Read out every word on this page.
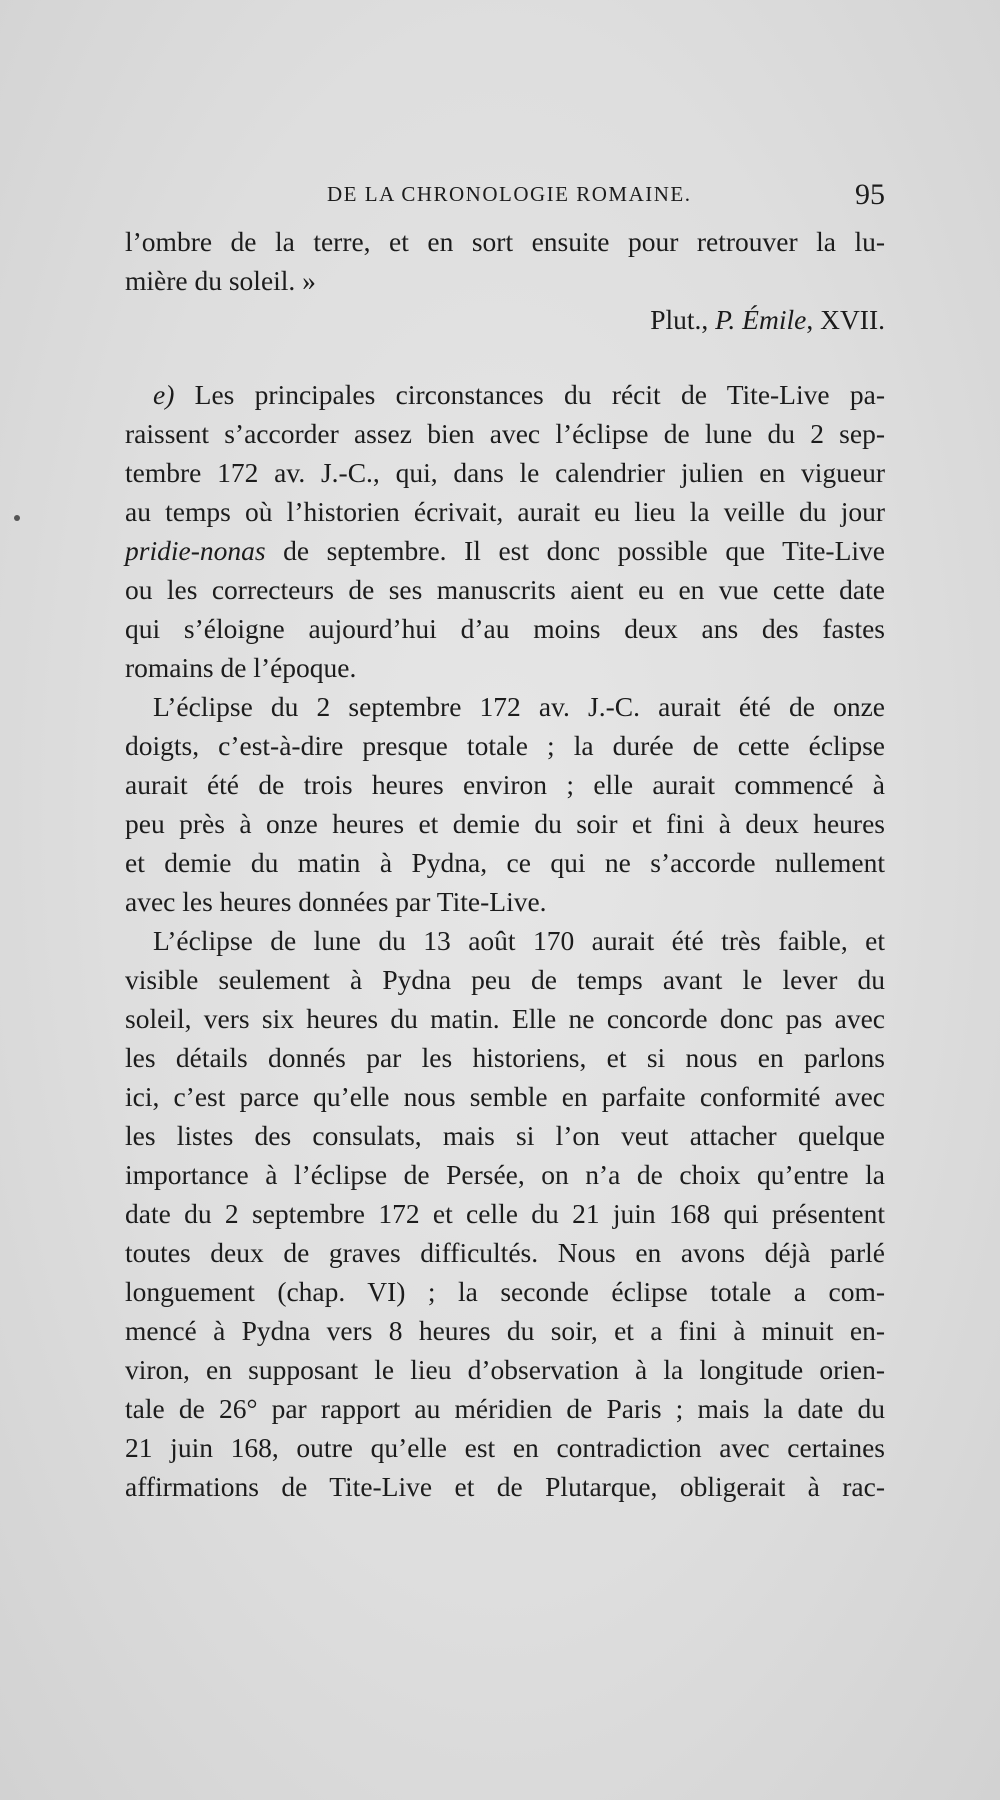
DE LA CHRONOLOGIE ROMAINE.	95
l’ombre de la terre, et en sort ensuite pour retrouver la lu-
mière du soleil. »
Plut., P. Émile, XVII.
e) Les principales circonstances du récit de Tite-Live pa-
raissent s’accorder assez bien avec l’éclipse de lune du 2 sep-
tembre 172 av. J.-C., qui, dans le calendrier julien en vigueur
au temps où l’historien écrivait, aurait eu lieu la veille du jour
pridie-nonas de septembre. Il est donc possible que Tite-Live
ou les correcteurs de ses manuscrits aient eu en vue cette date
qui s’éloigne aujourd’hui d’au moins deux ans des fastes
romains de l’époque.
L’éclipse du 2 septembre 172 av. J.-C. aurait été de onze
doigts, c’est-à-dire presque totale ; la durée de cette éclipse
aurait été de trois heures environ ; elle aurait commencé à
peu près à onze heures et demie du soir et fini à deux heures
et demie du matin à Pydna, ce qui ne s’accorde nullement
avec les heures données par Tite-Live.
L’éclipse de lune du 13 août 170 aurait été très faible, et
visible seulement à Pydna peu de temps avant le lever du
soleil, vers six heures du matin. Elle ne concorde donc pas avec
les détails donnés par les historiens, et si nous en parlons
ici, c’est parce qu’elle nous semble en parfaite conformité avec
les listes des consulats, mais si l’on veut attacher quelque
importance à l’éclipse de Persée, on n’a de choix qu’entre la
date du 2 septembre 172 et celle du 21 juin 168 qui présentent
toutes deux de graves difficultés. Nous en avons déjà parlé
longuement (chap. VI) ; la seconde éclipse totale a com-
mencé à Pydna vers 8 heures du soir, et a fini à minuit en-
viron, en supposant le lieu d’observation à la longitude orien-
tale de 26° par rapport au méridien de Paris ; mais la date du
21 juin 168, outre qu’elle est en contradiction avec certaines
affirmations de Tite-Live et de Plutarque, obligerait à rac-
